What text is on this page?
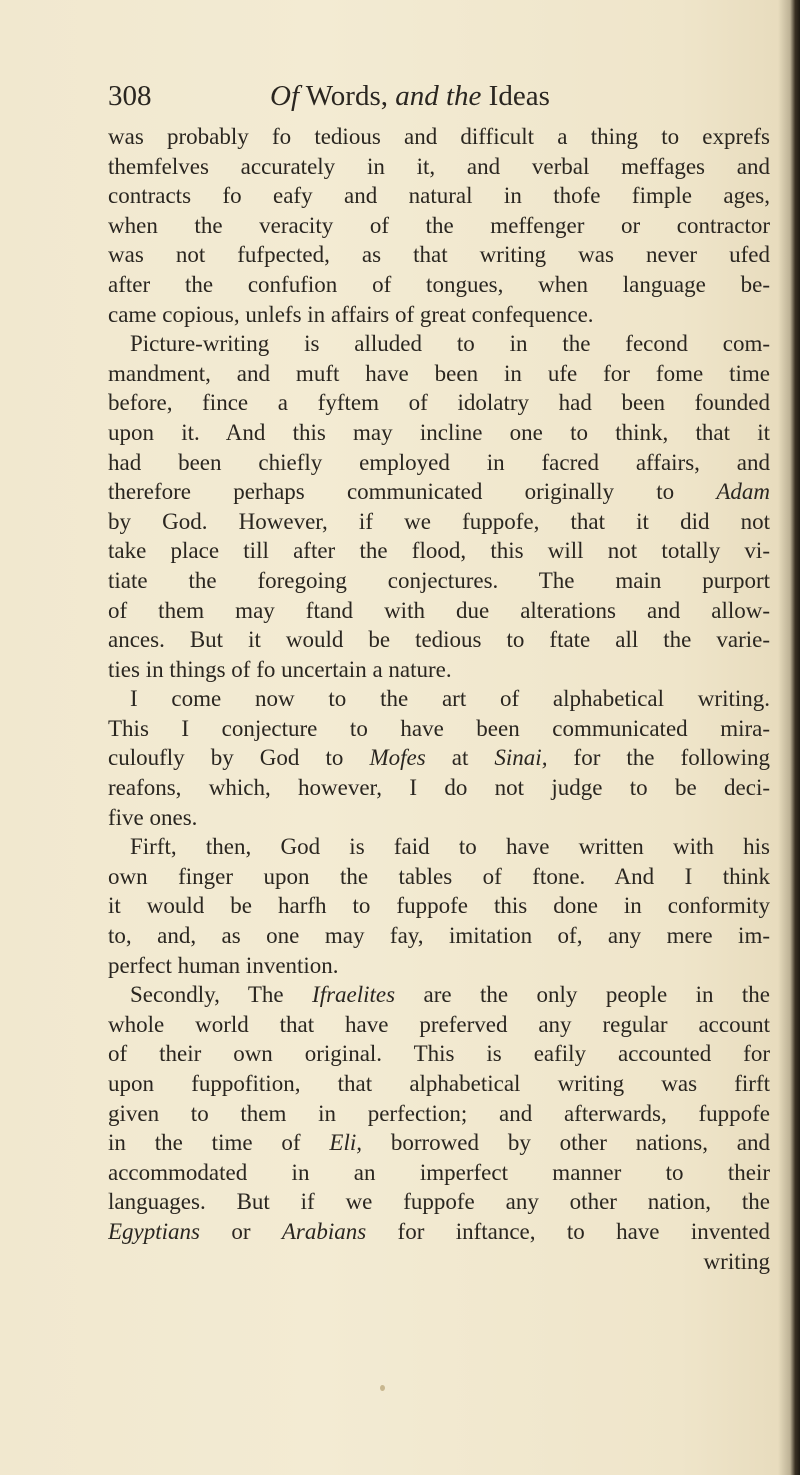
308	Of Words, and the Ideas
was probably fo tedious and difficult a thing to exprefs
themfelves accurately in it, and verbal meffages and
contracts fo eafy and natural in thofe fimple ages,
when the veracity of the meffenger or contractor
was not fufpected, as that writing was never ufed
after the confufion of tongues, when language be-
came copious, unlefs in affairs of great confequence.
Picture-writing is alluded to in the fecond com-
mandment, and muft have been in ufe for fome time
before, fince a fyftem of idolatry had been founded
upon it. And this may incline one to think, that it
had been chiefly employed in facred affairs, and
therefore perhaps communicated originally to Adam
by God. However, if we fuppofe, that it did not
take place till after the flood, this will not totally vi-
tiate the foregoing conjectures. The main purport
of them may ftand with due alterations and allow-
ances. But it would be tedious to ftate all the varie-
ties in things of fo uncertain a nature.
I come now to the art of alphabetical writing.
This I conjecture to have been communicated mira-
culoufly by God to Mofes at Sinai, for the following
reafons, which, however, I do not judge to be deci-
five ones.
Firft, then, God is faid to have written with his
own finger upon the tables of ftone. And I think
it would be harfh to fuppofe this done in conformity
to, and, as one may fay, imitation of, any mere im-
perfect human invention.
Secondly, The Ifraelites are the only people in the
whole world that have preferved any regular account
of their own original. This is eafily accounted for
upon fuppofition, that alphabetical writing was firft
given to them in perfection; and afterwards, fuppofe
in the time of Eli, borrowed by other nations, and
accommodated in an imperfect manner to their
languages. But if we fuppofe any other nation, the
Egyptians or Arabians for inftance, to have invented
writing
